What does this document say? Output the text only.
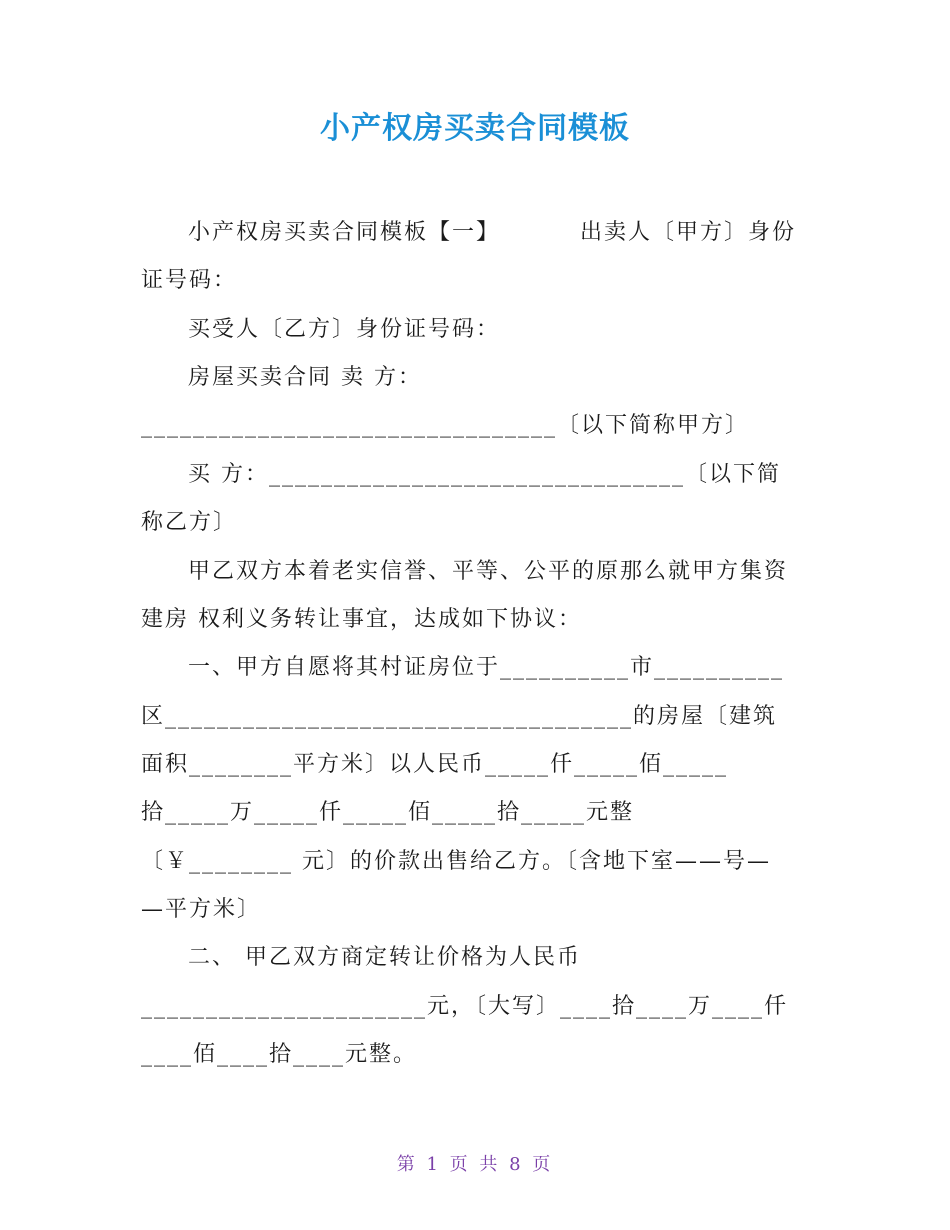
小产权房买卖合同模板
小产权房买卖合同模板【一】	出卖人〔甲方〕身份
证号码：
买受人〔乙方〕身份证号码：
房屋买卖合同 卖 方：
________________________________〔以下简称甲方〕
买 方：________________________________〔以下简
称乙方〕
甲乙双方本着老实信誉、平等、公平的原那么就甲方集资
建房 权利义务转让事宜，达成如下协议：
一、甲方自愿将其村证房位于__________市__________
区____________________________________的房屋〔建筑
面积________平方米〕以人民币_____仟_____佰_____
拾_____万_____仟_____佰_____拾_____元整
〔￥________ 元〕的价款出售给乙方。〔含地下室——号—
—平方米〕
二、 甲乙双方商定转让价格为人民币
______________________元，〔大写〕____拾____万____仟
____佰____拾____元整。
第 1 页 共 8 页
